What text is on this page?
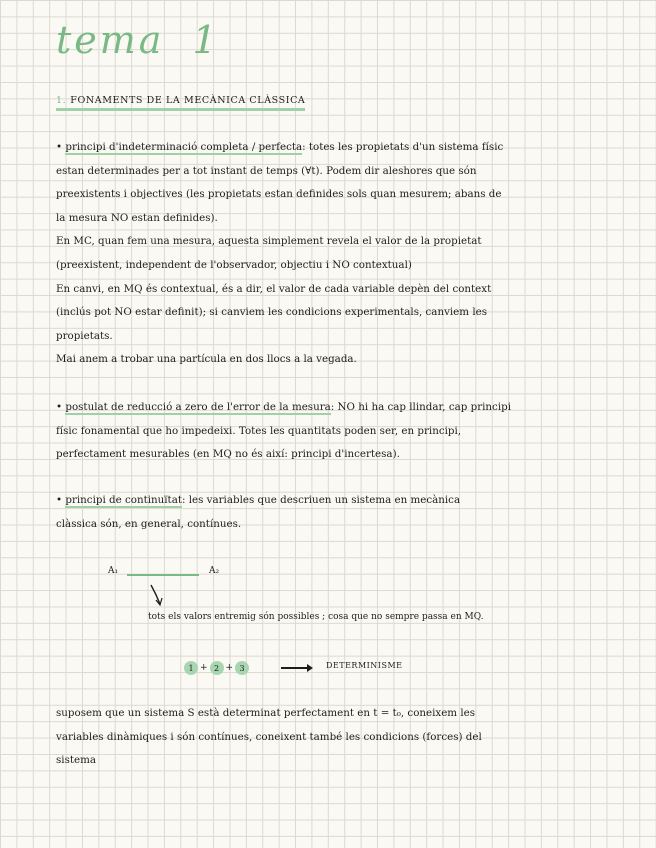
tema 1
1. FONAMENTS DE LA MECÀNICA CLÀSSICA
• principi d'indeterminació completa / perfecta: totes les propietats d'un sistema físic
estan determinades per a tot instant de temps (∀t). Podem dir aleshores que són
preexistents i objectives (les propietats estan definides sols quan mesurem; abans de
la mesura NO estan definides).
En MC, quan fem una mesura, aquesta simplement revela el valor de la propietat
(preexistent, independent de l'observador, objectiu i NO contextual)
En canvi, en MQ és contextual, és a dir, el valor de cada variable depèn del context
(inclús pot NO estar definit); si canviem les condicions experimentals, canviem les
propietats.
Mai anem a trobar una partícula en dos llocs a la vegada.
• postulat de reducció a zero de l'error de la mesura: NO hi ha cap llindar, cap principi
físic fonamental que ho impedeixi. Totes les quantitats poden ser, en principi,
perfectament mesurables (en MQ no és així: principi d'incertesa).
• principi de continuïtat: les variables que descriuen un sistema en mecànica
clàssica són, en general, contínues.
A₁	A₂
tots els valors entremig són possibles ; cosa que no sempre passa en MQ.
1 + 2 + 3	DETERMINISME
suposem que un sistema S està determinat perfectament en t = t₀, coneixem les
variables dinàmiques i són contínues, coneixent també les condicions (forces) del
sistema
